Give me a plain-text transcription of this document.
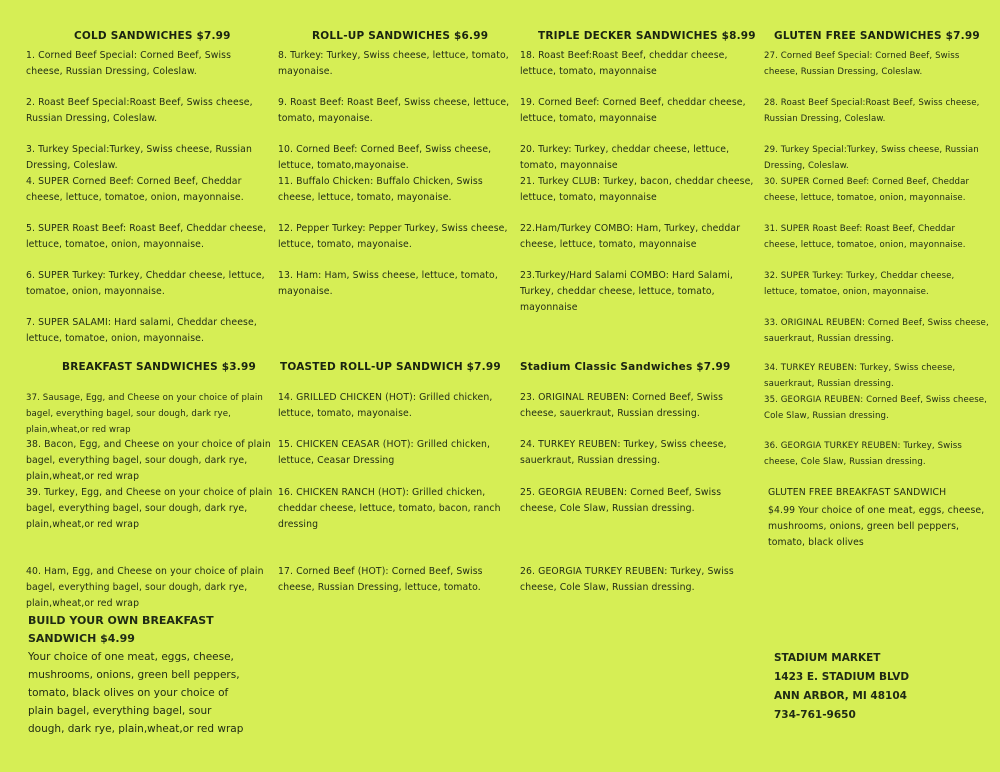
COLD SANDWICHES $7.99
1. Corned Beef Special: Corned Beef, Swiss cheese, Russian Dressing, Coleslaw.
2. Roast Beef Special:Roast Beef, Swiss cheese, Russian Dressing, Coleslaw.
3. Turkey Special:Turkey, Swiss cheese, Russian Dressing, Coleslaw.
4. SUPER Corned Beef: Corned Beef, Cheddar cheese, lettuce, tomatoe, onion, mayonnaise.
5. SUPER Roast Beef: Roast Beef, Cheddar cheese, lettuce, tomatoe, onion, mayonnaise.
6. SUPER Turkey: Turkey, Cheddar cheese, lettuce, tomatoe, onion, mayonnaise.
7. SUPER SALAMI: Hard salami, Cheddar cheese, lettuce, tomatoe, onion, mayonnaise.
BREAKFAST SANDWICHES $3.99
37. Sausage, Egg, and Cheese on your choice of plain bagel, everything bagel, sour dough, dark rye, plain,wheat,or red wrap
38. Bacon, Egg, and Cheese on your choice of plain bagel, everything bagel, sour dough, dark rye, plain,wheat,or red wrap
39. Turkey, Egg, and Cheese on your choice of plain bagel, everything bagel, sour dough, dark rye, plain,wheat,or red wrap
40. Ham, Egg, and Cheese on your choice of plain bagel, everything bagel, sour dough, dark rye, plain,wheat,or red wrap
BUILD YOUR OWN BREAKFAST SANDWICH $4.99
Your choice of one meat, eggs, cheese, mushrooms, onions, green bell peppers, tomato, black olives on your choice of plain bagel, everything bagel, sour dough, dark rye, plain,wheat,or red wrap
ROLL-UP SANDWICHES $6.99
8. Turkey: Turkey, Swiss cheese, lettuce, tomato, mayonaise.
9. Roast Beef: Roast Beef, Swiss cheese, lettuce, tomato, mayonaise.
10. Corned Beef: Corned Beef, Swiss cheese, lettuce, tomato,mayonaise.
11. Buffalo Chicken: Buffalo Chicken, Swiss cheese, lettuce, tomato, mayonaise.
12. Pepper Turkey: Pepper Turkey, Swiss cheese, lettuce, tomato, mayonaise.
13. Ham: Ham, Swiss cheese, lettuce, tomato, mayonaise.
TOASTED ROLL-UP SANDWICH $7.99
14. GRILLED CHICKEN (HOT): Grilled chicken, lettuce, tomato, mayonaise.
15. CHICKEN CEASAR (HOT): Grilled chicken, lettuce, Ceasar Dressing
16. CHICKEN RANCH (HOT): Grilled chicken, cheddar cheese, lettuce, tomato, bacon, ranch dressing
17. Corned Beef (HOT): Corned Beef, Swiss cheese, Russian Dressing, lettuce, tomato.
TRIPLE DECKER SANDWICHES $8.99
18. Roast Beef:Roast Beef, cheddar cheese, lettuce, tomato, mayonnaise
19. Corned Beef: Corned Beef, cheddar cheese, lettuce, tomato, mayonnaise
20. Turkey: Turkey, cheddar cheese, lettuce, tomato, mayonnaise
21. Turkey CLUB: Turkey, bacon, cheddar cheese, lettuce, tomato, mayonnaise
22.Ham/Turkey COMBO: Ham, Turkey, cheddar cheese, lettuce, tomato, mayonnaise
23.Turkey/Hard Salami COMBO: Hard Salami, Turkey, cheddar cheese, lettuce, tomato, mayonnaise
Stadium Classic Sandwiches $7.99
23. ORIGINAL REUBEN: Corned Beef, Swiss cheese, sauerkraut, Russian dressing.
24. TURKEY REUBEN: Turkey, Swiss cheese, sauerkraut, Russian dressing.
25. GEORGIA REUBEN: Corned Beef, Swiss cheese, Cole Slaw, Russian dressing.
26. GEORGIA TURKEY REUBEN: Turkey, Swiss cheese, Cole Slaw, Russian dressing.
GLUTEN FREE SANDWICHES $7.99
27. Corned Beef Special: Corned Beef, Swiss cheese, Russian Dressing, Coleslaw.
28. Roast Beef Special:Roast Beef, Swiss cheese, Russian Dressing, Coleslaw.
29. Turkey Special:Turkey, Swiss cheese, Russian Dressing, Coleslaw.
30. SUPER Corned Beef: Corned Beef, Cheddar cheese, lettuce, tomatoe, onion, mayonnaise.
31. SUPER Roast Beef: Roast Beef, Cheddar cheese, lettuce, tomatoe, onion, mayonnaise.
32. SUPER Turkey: Turkey, Cheddar cheese, lettuce, tomatoe, onion, mayonnaise.
33. ORIGINAL REUBEN: Corned Beef, Swiss cheese, sauerkraut, Russian dressing.
34. TURKEY REUBEN: Turkey, Swiss cheese, sauerkraut, Russian dressing.
35. GEORGIA REUBEN: Corned Beef, Swiss cheese, Cole Slaw, Russian dressing.
36. GEORGIA TURKEY REUBEN: Turkey, Swiss cheese, Cole Slaw, Russian dressing.
GLUTEN FREE BREAKFAST SANDWICH
$4.99 Your choice of one meat, eggs, cheese, mushrooms, onions, green bell peppers, tomato, black olives
STADIUM MARKET
1423 E. STADIUM BLVD
ANN ARBOR, MI 48104
734-761-9650
